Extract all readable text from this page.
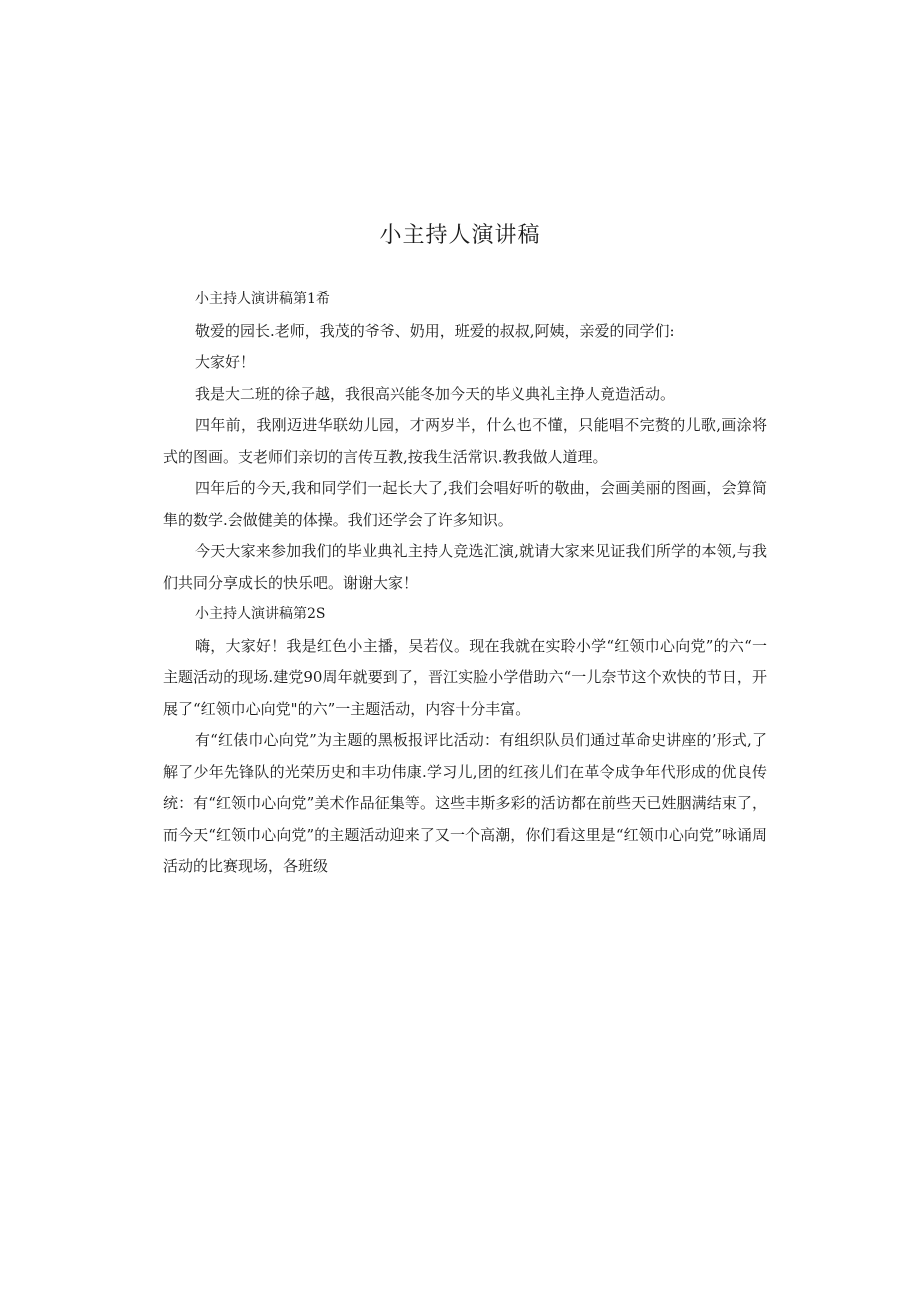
小主持人演讲稿

小主持人演讲稿第1希

敬爱的园长.老师，我茂的爷爷、奶用，班爱的叔叔,阿姨，亲爱的同学们:

大家好！

我是大二班的徐子越，我很高兴能冬加今天的毕义典礼主挣人竟造活动。

四年前，我刚迈进华联幼儿园，才两岁半，什么也不懂，只能唱不完赘的儿歌,画涂将式的图画。支老师们亲切的言传互教,按我生活常识.教我做人道理。

四年后的今天,我和同学们一起长大了,我们会唱好听的敬曲，会画美丽的图画，会算简隼的数学.会做健美的体操。我们还学会了许多知识。

今天大家来参加我们的毕业典礼主持人竞选汇演,就请大家来见证我们所学的本领,与我们共同分享成长的快乐吧。谢谢大家！

小主持人演讲稿第2S

嗨，大家好！我是红色小主播，吴若仪。现在我就在实聆小学“红领巾心向党”的六“一主题活动的现场.建党90周年就要到了，晋江实脸小学借助六“一儿奈节这个欢快的节日，开展了“红领巾心向党"的六”一主题活动，内容十分丰富。

有“红俵巾心向党”为主题的黑板报评比活动：有组织队员们通过革命史讲座的’形式,了解了少年先锋队的光荣历史和丰功伟康.学习儿,团的红孩儿们在革令成争年代形成的优良传统：有“红领巾心向党”美术作品征集等。这些丰斯多彩的活访都在前些天已姓胭满结束了，而今天“红领巾心向党”的主题活动迎来了又一个高潮，你们看这里是“红领巾心向党”咏诵周活动的比赛现场，各班级
